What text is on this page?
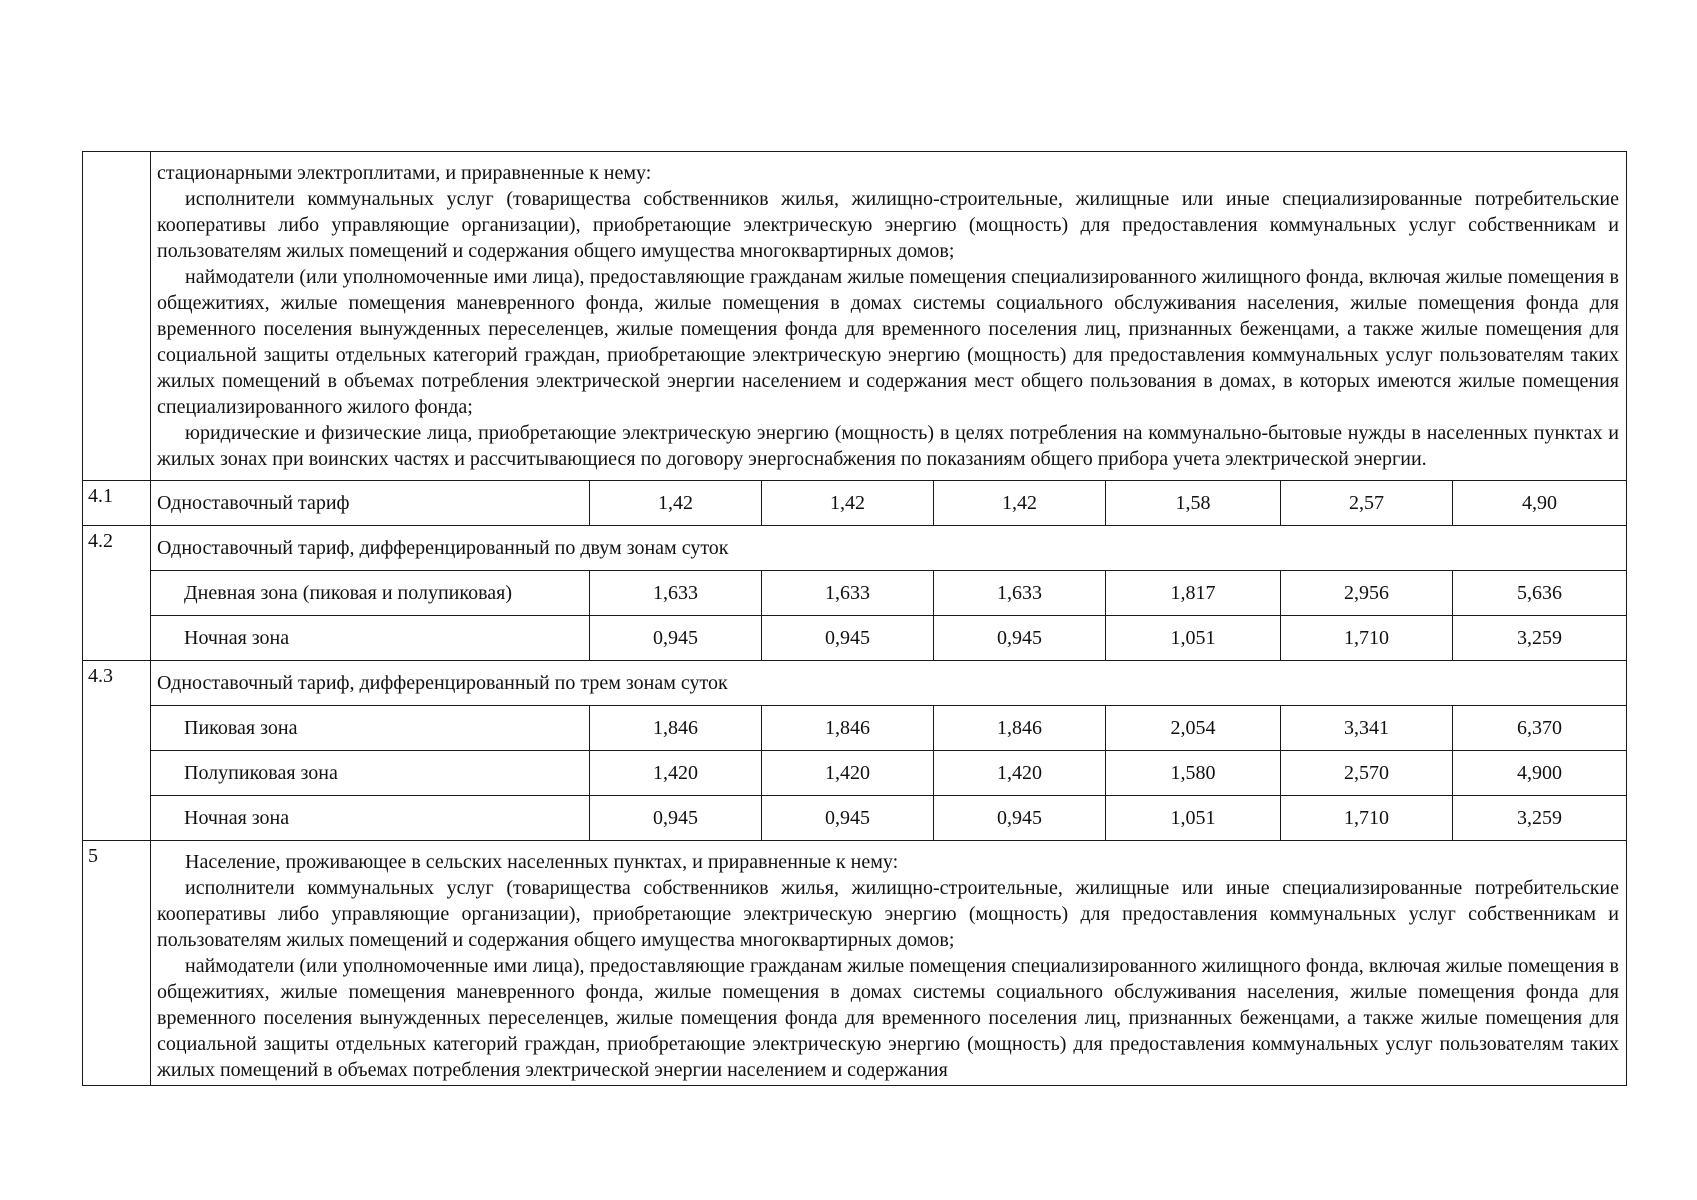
	стационарными электроплитами, и приравненные к нему:

исполнители коммунальных услуг (товарищества собственников жилья, жилищно-строительные, жилищные или иные специализированные потребительские кооперативы либо управляющие организации), приобретающие электрическую энергию (мощность) для предоставления коммунальных услуг собственникам и пользователям жилых помещений и содержания общего имущества многоквартирных домов;

наймодатели (или уполномоченные ими лица), предоставляющие гражданам жилые помещения специализированного жилищного фонда, включая жилые помещения в общежитиях, жилые помещения маневренного фонда, жилые помещения в домах системы социального обслуживания населения, жилые помещения фонда для временного поселения вынужденных переселенцев, жилые помещения фонда для временного поселения лиц, признанных беженцами, а также жилые помещения для социальной защиты отдельных категорий граждан, приобретающие электрическую энергию (мощность) для предоставления коммунальных услуг пользователям таких жилых помещений в объемах потребления электрической энергии населением и содержания мест общего пользования в домах, в которых имеются жилые помещения специализированного жилого фонда;

юридические и физические лица, приобретающие электрическую энергию (мощность) в целях потребления на коммунально-бытовые нужды в населенных пунктах и жилых зонах при воинских частях и рассчитывающиеся по договору энергоснабжения по показаниям общего прибора учета электрической энергии.						

4.1	Одноставочный тариф	1,42	1,42	1,42	1,58	2,57	4,90

4.2	Одноставочный тариф, дифференцированный по двум зонам суток						

	Дневная зона (пиковая и полупиковая)	1,633	1,633	1,633	1,817	2,956	5,636

	Ночная зона	0,945	0,945	0,945	1,051	1,710	3,259

4.3	Одноставочный тариф, дифференцированный по трем зонам суток						

	Пиковая зона	1,846	1,846	1,846	2,054	3,341	6,370

	Полупиковая зона	1,420	1,420	1,420	1,580	2,570	4,900

	Ночная зона	0,945	0,945	0,945	1,051	1,710	3,259

5	Население, проживающее в сельских населенных пунктах, и приравненные к нему:

исполнители коммунальных услуг (товарищества собственников жилья, жилищно-строительные, жилищные или иные специализированные потребительские кооперативы либо управляющие организации), приобретающие электрическую энергию (мощность) для предоставления коммунальных услуг собственникам и пользователям жилых помещений и содержания общего имущества многоквартирных домов;

наймодатели (или уполномоченные ими лица), предоставляющие гражданам жилые помещения специализированного жилищного фонда, включая жилые помещения в общежитиях, жилые помещения маневренного фонда, жилые помещения в домах системы социального обслуживания населения, жилые помещения фонда для временного поселения вынужденных переселенцев, жилые помещения фонда для временного поселения лиц, признанных беженцами, а также жилые помещения для социальной защиты отдельных категорий граждан, приобретающие электрическую энергию (мощность) для предоставления коммунальных услуг пользователям таких жилых помещений в объемах потребления электрической энергии населением и содержания						
